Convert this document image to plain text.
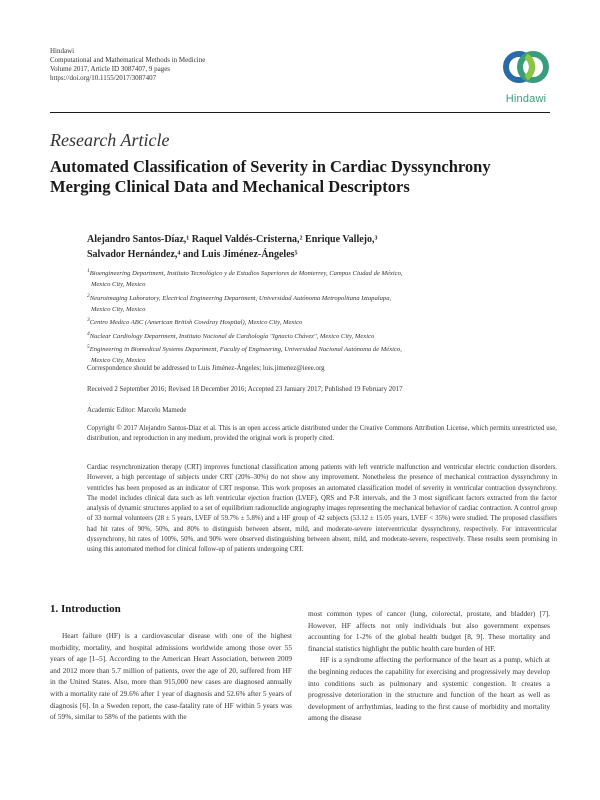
Hindawi
Computational and Mathematical Methods in Medicine
Volume 2017, Article ID 3087407, 9 pages
https://doi.org/10.1155/2017/3087407
Hindawi
Research Article
Automated Classification of Severity in Cardiac Dyssynchrony Merging Clinical Data and Mechanical Descriptors
Alejandro Santos-Díaz,¹ Raquel Valdés-Cristerna,² Enrique Vallejo,³
Salvador Hernández,⁴ and Luis Jiménez-Ángeles⁵
$^1$Bioengineering Department, Instituto Tecnológico y de Estudios Superiores de Monterrey, Campus Ciudad de México,
Mexico City, Mexico
$^2$Neuroimaging Laboratory, Electrical Engineering Department, Universidad Autónoma Metropolitana Iztapalapa,
Mexico City, Mexico
$^3$Centro Medico ABC (American British Cowdray Hospital), Mexico City, Mexico
$^4$Nuclear Cardiology Department, Instituto Nacional de Cardiología "Ignacio Chávez", Mexico City, Mexico
$^5$Engineering in Biomedical Systems Department, Faculty of Engineering, Universidad Nacional Autónoma de México,
Mexico City, Mexico
Correspondence should be addressed to Luis Jiménez-Ángeles; luis.jimenez@ieee.org
Received 2 September 2016; Revised 18 December 2016; Accepted 23 January 2017; Published 19 February 2017
Academic Editor: Marcelo Mamede
Copyright © 2017 Alejandro Santos-Díaz et al. This is an open access article distributed under the Creative Commons Attribution License, which permits unrestricted use, distribution, and reproduction in any medium, provided the original work is properly cited.
Cardiac resynchronization therapy (CRT) improves functional classification among patients with left ventricle malfunction and ventricular electric conduction disorders. However, a high percentage of subjects under CRT (20%–30%) do not show any improvement. Nonetheless the presence of mechanical contraction dyssynchrony in ventricles has been proposed as an indicator of CRT response. This work proposes an automated classification model of severity in ventricular contraction dyssynchrony. The model includes clinical data such as left ventricular ejection fraction (LVEF), QRS and P-R intervals, and the 3 most significant factors extracted from the factor analysis of dynamic structures applied to a set of equilibrium radionuclide angiography images representing the mechanical behavior of cardiac contraction. A control group of 33 normal volunteers (28 ± 5 years, LVEF of 59.7% ± 5.8%) and a HF group of 42 subjects (53.12 ± 15.05 years, LVEF < 35%) were studied. The proposed classifiers had hit rates of 90%, 50%, and 80% to distinguish between absent, mild, and moderate-severe interventricular dyssynchrony, respectively. For intraventricular dyssynchrony, hit rates of 100%, 50%, and 90% were observed distinguishing between absent, mild, and moderate-severe, respectively. These results seem promising in using this automated method for clinical follow-up of patients undergoing CRT.
1. Introduction

Heart failure (HF) is a cardiovascular disease with one of the highest morbidity, mortality, and hospital admissions worldwide among those over 55 years of age [1–5]. According to the American Heart Association, between 2009 and 2012 more than 5.7 million of patients, over the age of 20, suffered from HF in the United States. Also, more than 915,000 new cases are diagnosed annually with a mortality rate of 29.6% after 1 year of diagnosis and 52.6% after 5 years of diagnosis [6]. In a Sweden report, the case-fatality rate of HF within 5 years was of 59%, similar to 58% of the patients with the

most common types of cancer (lung, colorectal, prostate, and bladder) [7]. However, HF affects not only individuals but also government expenses accounting for 1-2% of the global health budget [8, 9]. These mortality and financial statistics highlight the public health care burden of HF.

HF is a syndrome affecting the performance of the heart as a pump, which at the beginning reduces the capability for exercising and progressively may develop into conditions such as pulmonary and systemic congestion. It creates a progressive deterioration in the structure and function of the heart as well as development of arrhythmias, leading to the first cause of morbidity and mortality among the disease
